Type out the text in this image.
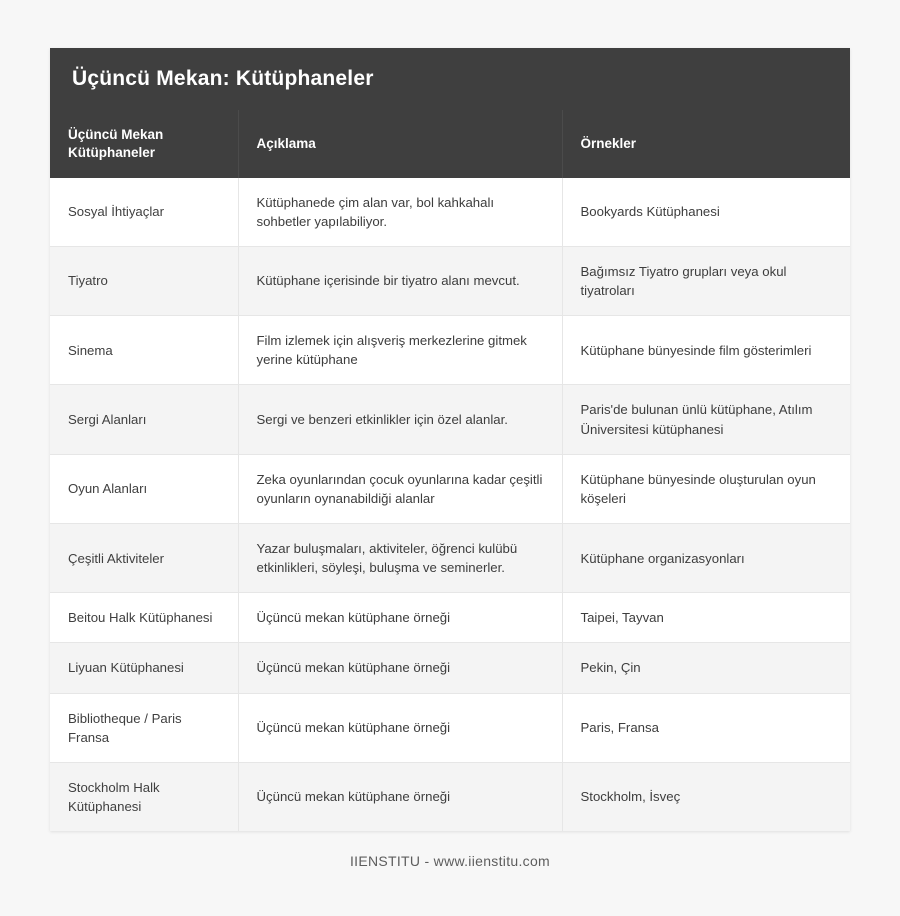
Üçüncü Mekan: Kütüphaneler
Üçüncü Mekan Kütüphaneler	Açıklama	Örnekler
Sosyal İhtiyaçlar	Kütüphanede çim alan var, bol kahkahalı sohbetler yapılabiliyor.	Bookyards Kütüphanesi
Tiyatro	Kütüphane içerisinde bir tiyatro alanı mevcut.	Bağımsız Tiyatro grupları veya okul tiyatroları
Sinema	Film izlemek için alışveriş merkezlerine gitmek yerine kütüphane	Kütüphane bünyesinde film gösterimleri
Sergi Alanları	Sergi ve benzeri etkinlikler için özel alanlar.	Paris'de bulunan ünlü kütüphane, Atılım Üniversitesi kütüphanesi
Oyun Alanları	Zeka oyunlarından çocuk oyunlarına kadar çeşitli oyunların oynanabildiği alanlar	Kütüphane bünyesinde oluşturulan oyun köşeleri
Çeşitli Aktiviteler	Yazar buluşmaları, aktiviteler, öğrenci kulübü etkinlikleri, söyleşi, buluşma ve seminerler.	Kütüphane organizasyonları
Beitou Halk Kütüphanesi	Üçüncü mekan kütüphane örneği	Taipei, Tayvan
Liyuan Kütüphanesi	Üçüncü mekan kütüphane örneği	Pekin, Çin
Bibliotheque / Paris Fransa	Üçüncü mekan kütüphane örneği	Paris, Fransa
Stockholm Halk Kütüphanesi	Üçüncü mekan kütüphane örneği	Stockholm, İsveç
IIENSTITU - www.iienstitu.com
